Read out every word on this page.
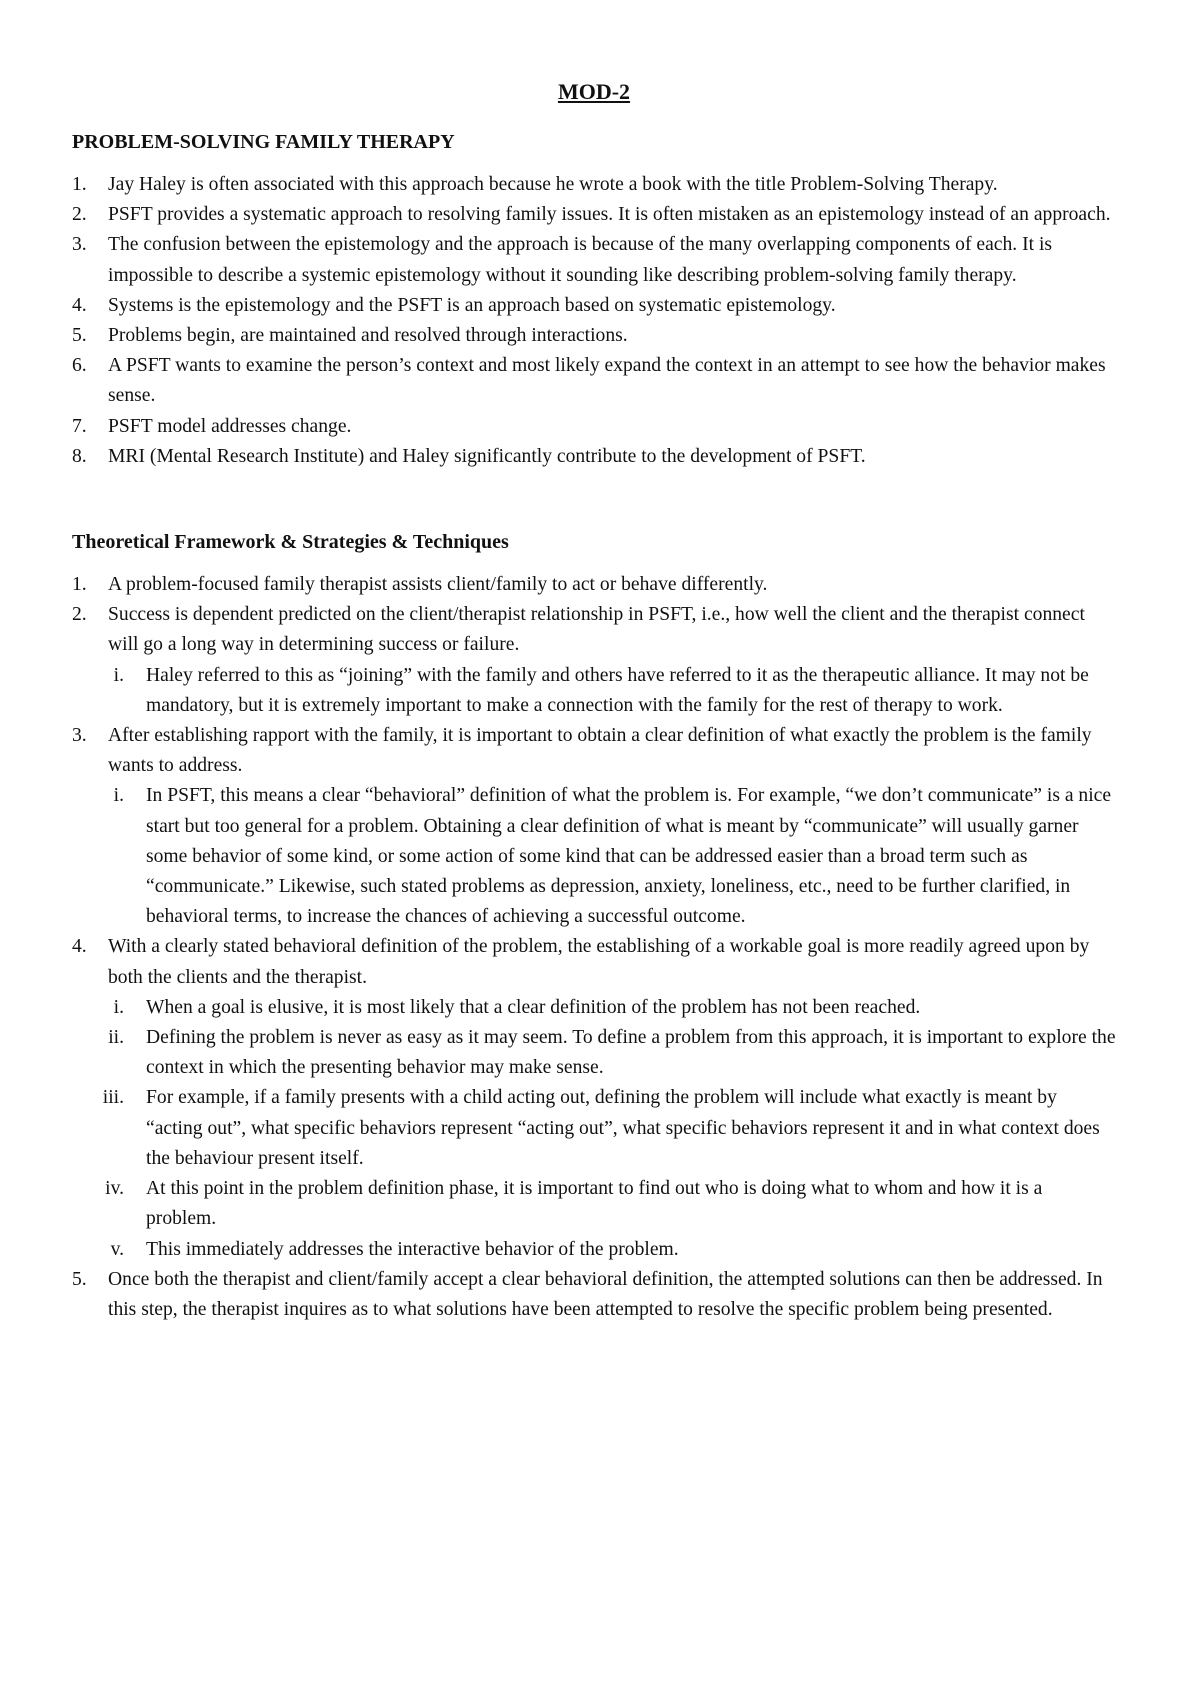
MOD-2
PROBLEM-SOLVING FAMILY THERAPY
1.	Jay Haley is often associated with this approach because he wrote a book with the title Problem-Solving Therapy.
2.	PSFT provides a systematic approach to resolving family issues. It is often mistaken as an epistemology instead of an approach.
3.	The confusion between the epistemology and the approach is because of the many overlapping components of each. It is impossible to describe a systemic epistemology without it sounding like describing problem-solving family therapy.
4.	Systems is the epistemology and the PSFT is an approach based on systematic epistemology.
5.	Problems begin, are maintained and resolved through interactions.
6.	A PSFT wants to examine the person’s context and most likely expand the context in an attempt to see how the behavior makes sense.
7.	PSFT model addresses change.
8.	MRI (Mental Research Institute) and Haley significantly contribute to the development of PSFT.
Theoretical Framework & Strategies & Techniques
1.	A problem-focused family therapist assists client/family to act or behave differently.
2.	Success is dependent predicted on the client/therapist relationship in PSFT, i.e., how well the client and the therapist connect will go a long way in determining success or failure.
i. Haley referred to this as “joining” with the family and others have referred to it as the therapeutic alliance. It may not be mandatory, but it is extremely important to make a connection with the family for the rest of therapy to work.
3.	After establishing rapport with the family, it is important to obtain a clear definition of what exactly the problem is the family wants to address.
i. In PSFT, this means a clear “behavioral” definition of what the problem is. For example, “we don’t communicate” is a nice start but too general for a problem. Obtaining a clear definition of what is meant by “communicate” will usually garner some behavior of some kind, or some action of some kind that can be addressed easier than a broad term such as “communicate.” Likewise, such stated problems as depression, anxiety, loneliness, etc., need to be further clarified, in behavioral terms, to increase the chances of achieving a successful outcome.
4.	With a clearly stated behavioral definition of the problem, the establishing of a workable goal is more readily agreed upon by both the clients and the therapist.
i. When a goal is elusive, it is most likely that a clear definition of the problem has not been reached.
ii. Defining the problem is never as easy as it may seem. To define a problem from this approach, it is important to explore the context in which the presenting behavior may make sense.
iii. For example, if a family presents with a child acting out, defining the problem will include what exactly is meant by “acting out”, what specific behaviors represent “acting out”, what specific behaviors represent it and in what context does the behaviour present itself.
iv. At this point in the problem definition phase, it is important to find out who is doing what to whom and how it is a problem.
v. This immediately addresses the interactive behavior of the problem.
5.	Once both the therapist and client/family accept a clear behavioral definition, the attempted solutions can then be addressed. In this step, the therapist inquires as to what solutions have been attempted to resolve the specific problem being presented.
